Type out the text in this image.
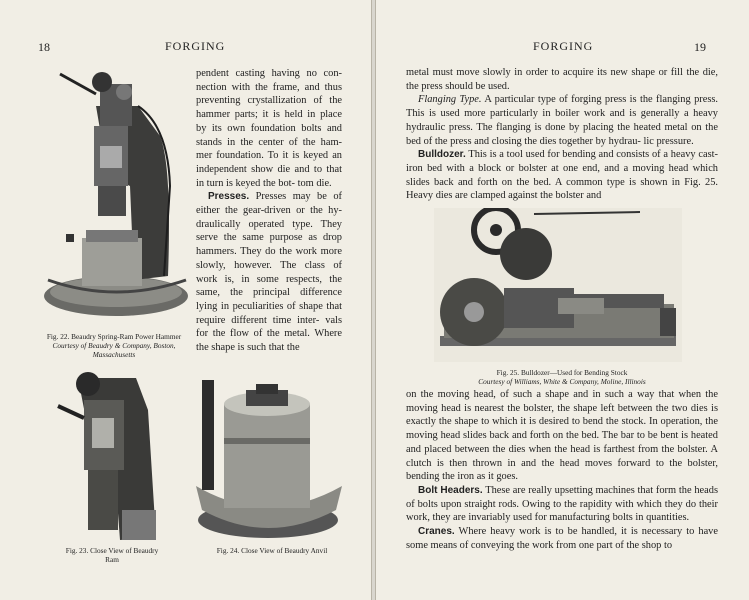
18	FORGING
Fig. 22. Beaudry Spring-Ram Power Hammer
Courtesy of Beaudry & Company, Boston,
Massachusetts

pendent casting having no con- nection with the frame, and thus preventing crystallization of the hammer parts; it is held in place by its own foundation bolts and stands in the center of the ham- mer foundation. To it is keyed an independent show die and to that in turn is keyed the bot- tom die.

Presses. Presses may be of either the gear-driven or the hy- draulically operated type. They serve the same purpose as drop hammers. They do the work more slowly, however. The class of work is, in some respects, the same, the principal difference lying in peculiarities of shape that require different time inter- vals for the flow of the metal. Where the shape is such that the

Fig. 23. Close View of Beaudry
Ram
Fig. 24. Close View of Beaudry Anvil
FORGING	19

metal must move slowly in order to acquire its new shape or fill the die, the press should be used.

Flanging Type. A particular type of forging press is the flanging press. This is used more particularly in boiler work and is generally a heavy hydraulic press. The flanging is done by placing the heated metal on the bed of the press and closing the dies together by hydrau- lic pressure.

Bulldozer. This is a tool used for bending and consists of a heavy cast-iron bed with a block or bolster at one end, and a moving head which slides back and forth on the bed. A common type is shown in Fig. 25. Heavy dies are clamped against the bolster and

Fig. 25. Bulldozer—Used for Bending Stock
Courtesy of Williams, White & Company, Moline, Illinois

on the moving head, of such a shape and in such a way that when the moving head is nearest the bolster, the shape left between the two dies is exactly the shape to which it is desired to bend the stock. In operation, the moving head slides back and forth on the bed. The bar to be bent is heated and placed between the dies when the head is farthest from the bolster. A clutch is then thrown in and the head moves forward to the bolster, bending the iron as it goes.

Bolt Headers. These are really upsetting machines that form the heads of bolts upon straight rods. Owing to the rapidity with which they do their work, they are invariably used for manufacturing bolts in quantities.

Cranes. Where heavy work is to be handled, it is necessary to have some means of conveying the work from one part of the shop to
